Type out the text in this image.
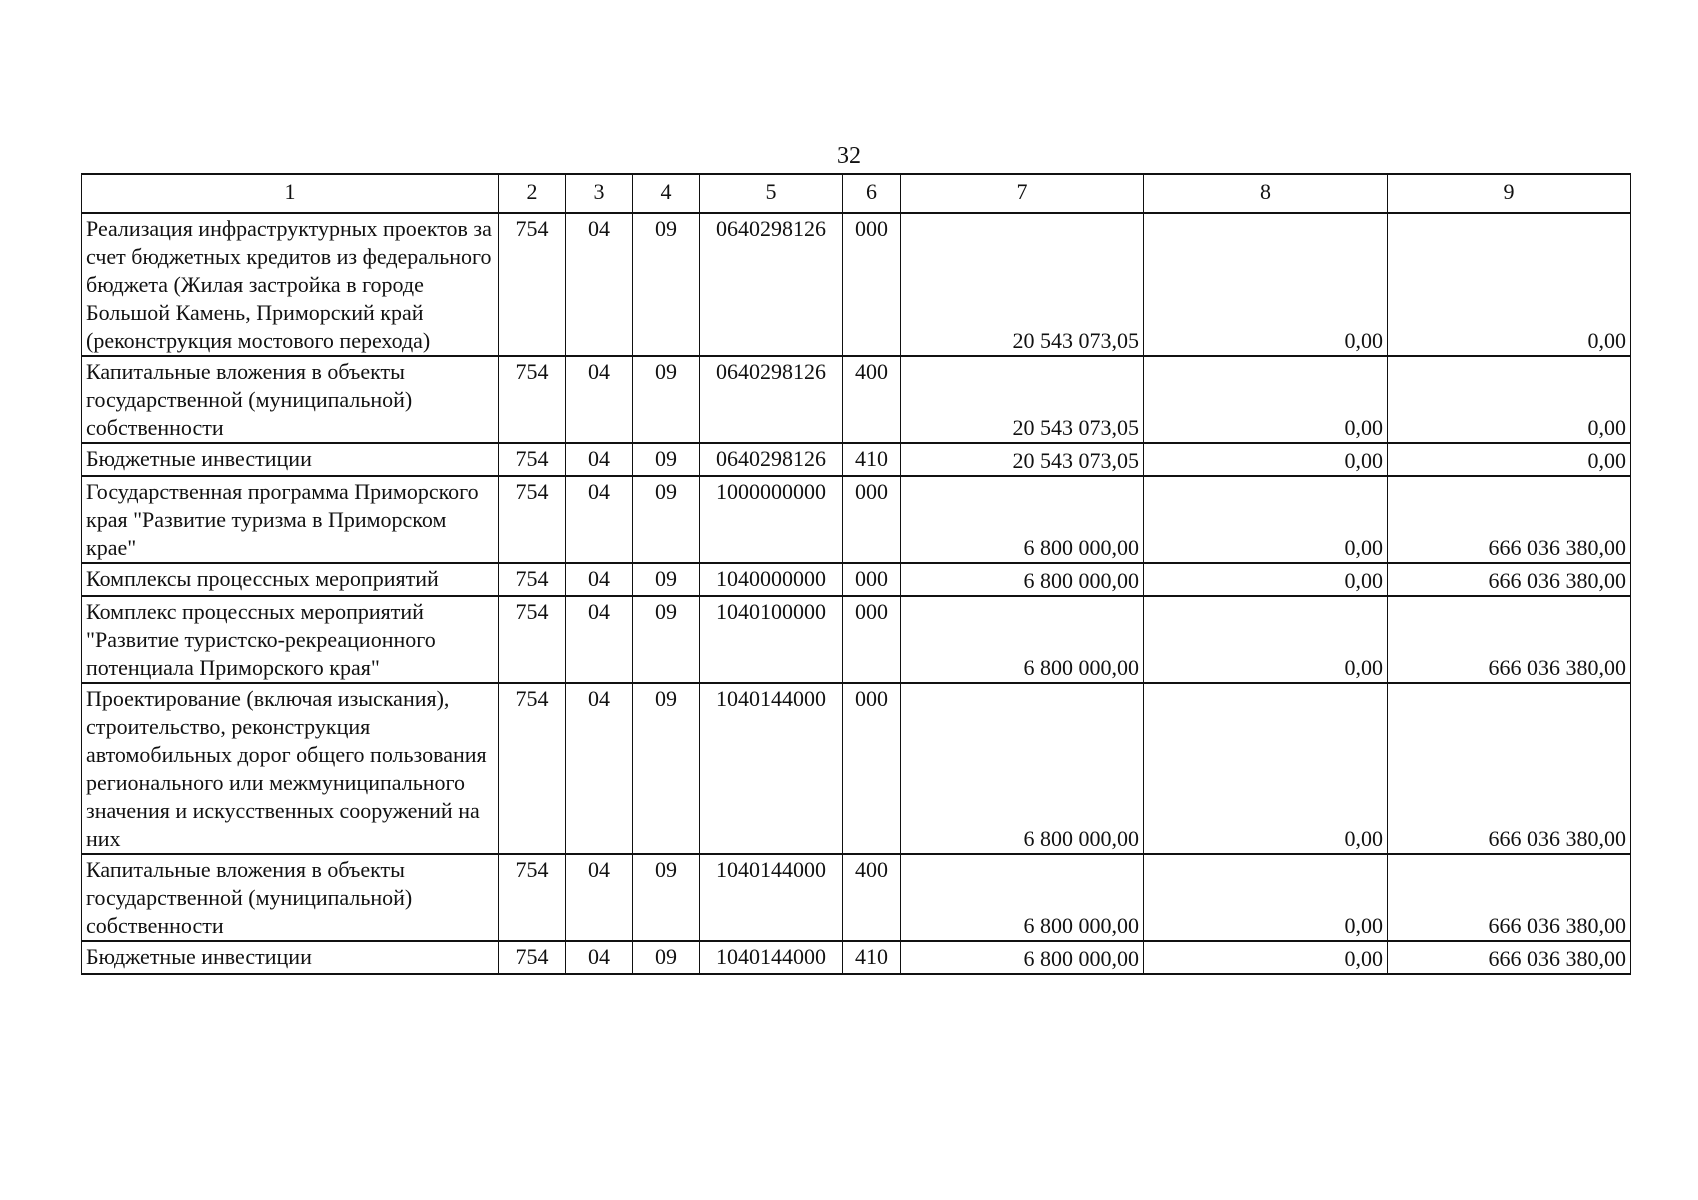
32
1	2	3	4	5	6	7	8	9
Реализация инфраструктурных проектов за счет бюджетных кредитов из федерального бюджета (Жилая застройка в городе Большой Камень, Приморский край (реконструкция мостового перехода)	754	04	09	0640298126	000	20 543 073,05	0,00	0,00
Капитальные вложения в объекты государственной (муниципальной) собственности	754	04	09	0640298126	400	20 543 073,05	0,00	0,00
Бюджетные инвестиции	754	04	09	0640298126	410	20 543 073,05	0,00	0,00
Государственная программа Приморского края "Развитие туризма в Приморском крае"	754	04	09	1000000000	000	6 800 000,00	0,00	666 036 380,00
Комплексы процессных мероприятий	754	04	09	1040000000	000	6 800 000,00	0,00	666 036 380,00
Комплекс процессных мероприятий "Развитие туристско-рекреационного потенциала Приморского края"	754	04	09	1040100000	000	6 800 000,00	0,00	666 036 380,00
Проектирование (включая изыскания), строительство, реконструкция автомобильных дорог общего пользования регионального или межмуниципального значения и искусственных сооружений на них	754	04	09	1040144000	000	6 800 000,00	0,00	666 036 380,00
Капитальные вложения в объекты государственной (муниципальной) собственности	754	04	09	1040144000	400	6 800 000,00	0,00	666 036 380,00
Бюджетные инвестиции	754	04	09	1040144000	410	6 800 000,00	0,00	666 036 380,00
